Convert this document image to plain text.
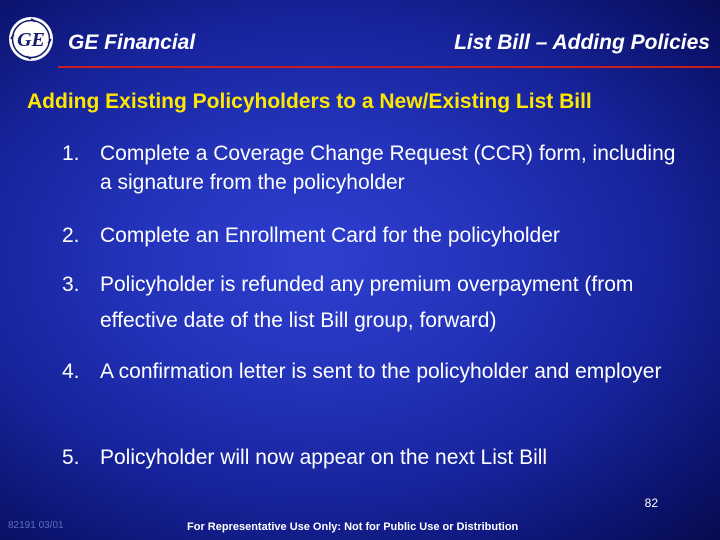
GE GE Financial	List Bill – Adding Policies
Adding Existing Policyholders to a New/Existing List Bill
1. Complete a Coverage Change Request (CCR) form, including a signature from the policyholder
2. Complete an Enrollment Card for the policyholder
3. Policyholder is refunded any premium overpayment (from effective date of the list Bill group, forward)
4. A confirmation letter is sent to the policyholder and employer
5. Policyholder will now appear on the next List Bill
82
82191 03/01	For Representative Use Only: Not for Public Use or Distribution
